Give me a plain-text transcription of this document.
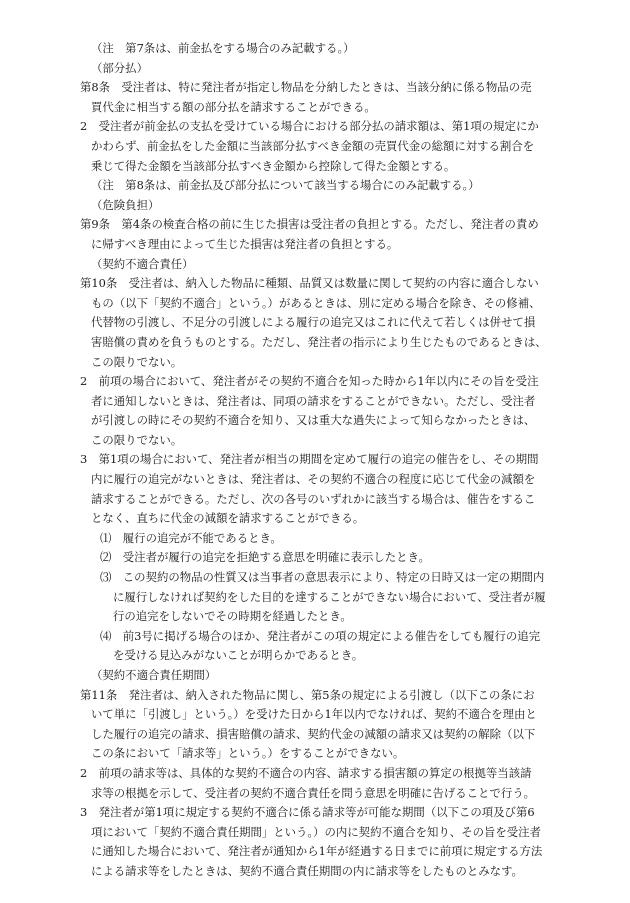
（注　第7条は、前金払をする場合のみ記載する。）
（部分払）
第8条　受注者は、特に発注者が指定し物品を分納したときは、当該分納に係る物品の売
買代金に相当する額の部分払を請求することができる。
2　受注者が前金払の支払を受けている場合における部分払の請求額は、第1項の規定にか
かわらず、前金払をした金額に当該部分払すべき金額の売買代金の総額に対する割合を
乗じて得た金額を当該部分払すべき金額から控除して得た金額とする。
（注　第8条は、前金払及び部分払について該当する場合にのみ記載する。）
（危険負担）
第9条　第4条の検査合格の前に生じた損害は受注者の負担とする。ただし、発注者の責め
に帰すべき理由によって生じた損害は発注者の負担とする。
（契約不適合責任）
第10条　受注者は、納入した物品に種類、品質又は数量に関して契約の内容に適合しない
もの（以下「契約不適合」という。）があるときは、別に定める場合を除き、その修補、
代替物の引渡し、不足分の引渡しによる履行の追完又はこれに代えて若しくは併せて損
害賠償の責めを負うものとする。ただし、発注者の指示により生じたものであるときは、
この限りでない。
2　前項の場合において、発注者がその契約不適合を知った時から1年以内にその旨を受注
者に通知しないときは、発注者は、同項の請求をすることができない。ただし、受注者
が引渡しの時にその契約不適合を知り、又は重大な過失によって知らなかったときは、
この限りでない。
3　第1項の場合において、発注者が相当の期間を定めて履行の追完の催告をし、その期間
内に履行の追完がないときは、発注者は、その契約不適合の程度に応じて代金の減額を
請求することができる。ただし、次の各号のいずれかに該当する場合は、催告をするこ
となく、直ちに代金の減額を請求することができる。
⑴　履行の追完が不能であるとき。
⑵　受注者が履行の追完を拒絶する意思を明確に表示したとき。
⑶　この契約の物品の性質又は当事者の意思表示により、特定の日時又は一定の期間内
に履行しなければ契約をした目的を達することができない場合において、受注者が履
行の追完をしないでその時期を経過したとき。
⑷　前3号に掲げる場合のほか、発注者がこの項の規定による催告をしても履行の追完
を受ける見込みがないことが明らかであるとき。
（契約不適合責任期間）
第11条　発注者は、納入された物品に関し、第5条の規定による引渡し（以下この条にお
いて単に「引渡し」という。）を受けた日から1年以内でなければ、契約不適合を理由と
した履行の追完の請求、損害賠償の請求、契約代金の減額の請求又は契約の解除（以下
この条において「請求等」という。）をすることができない。
2　前項の請求等は、具体的な契約不適合の内容、請求する損害額の算定の根拠等当該請
求等の根拠を示して、受注者の契約不適合責任を問う意思を明確に告げることで行う。
3　発注者が第1項に規定する契約不適合に係る請求等が可能な期間（以下この項及び第6
項において「契約不適合責任期間」という。）の内に契約不適合を知り、その旨を受注者
に通知した場合において、発注者が通知から1年が経過する日までに前項に規定する方法
による請求等をしたときは、契約不適合責任期間の内に請求等をしたものとみなす。
